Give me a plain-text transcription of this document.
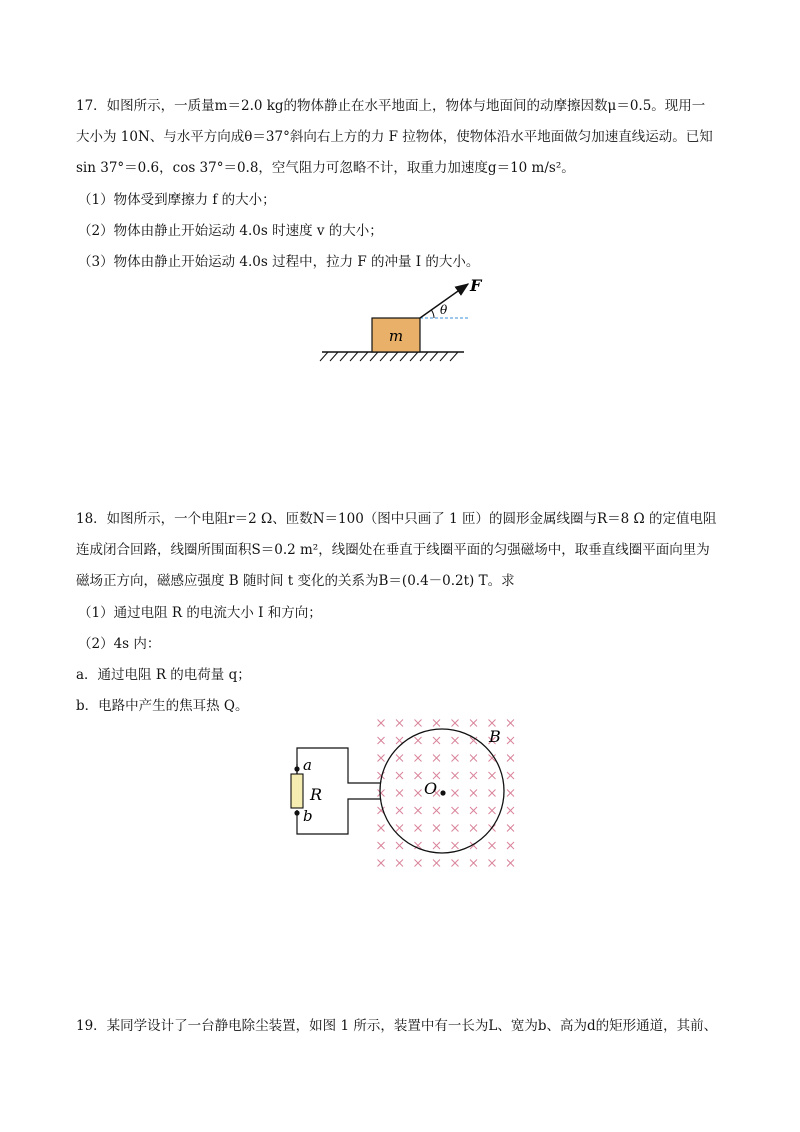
17．如图所示，一质量m＝2.0 kg的物体静止在水平地面上，物体与地面间的动摩擦因数μ＝0.5。现用一
大小为 10N、与水平方向成θ＝37°斜向右上方的力 F 拉物体，使物体沿水平地面做匀加速直线运动。已知
sin 37°＝0.6，cos 37°＝0.8，空气阻力可忽略不计，取重力加速度g＝10 m/s²。
（1）物体受到摩擦力 f 的大小；
（2）物体由静止开始运动 4.0s 时速度 v 的大小；
（3）物体由静止开始运动 4.0s 过程中，拉力 F 的冲量 I 的大小。
m
F
θ
18．如图所示，一个电阻r＝2 Ω、匝数N＝100（图中只画了 1 匝）的圆形金属线圈与R＝8 Ω 的定值电阻
连成闭合回路，线圈所围面积S＝0.2 m²，线圈处在垂直于线圈平面的匀强磁场中，取垂直线圈平面向里为
磁场正方向，磁感应强度 B 随时间 t 变化的关系为B＝(0.4－0.2t) T。求
（1）通过电阻 R 的电流大小 I 和方向；
（2）4s 内：
a．通过电阻 R 的电荷量 q；
b．电路中产生的焦耳热 Q。
a
b
R	O
B
19．某同学设计了一台静电除尘装置，如图 1 所示，装置中有一长为L、宽为b、高为d的矩形通道，其前、
